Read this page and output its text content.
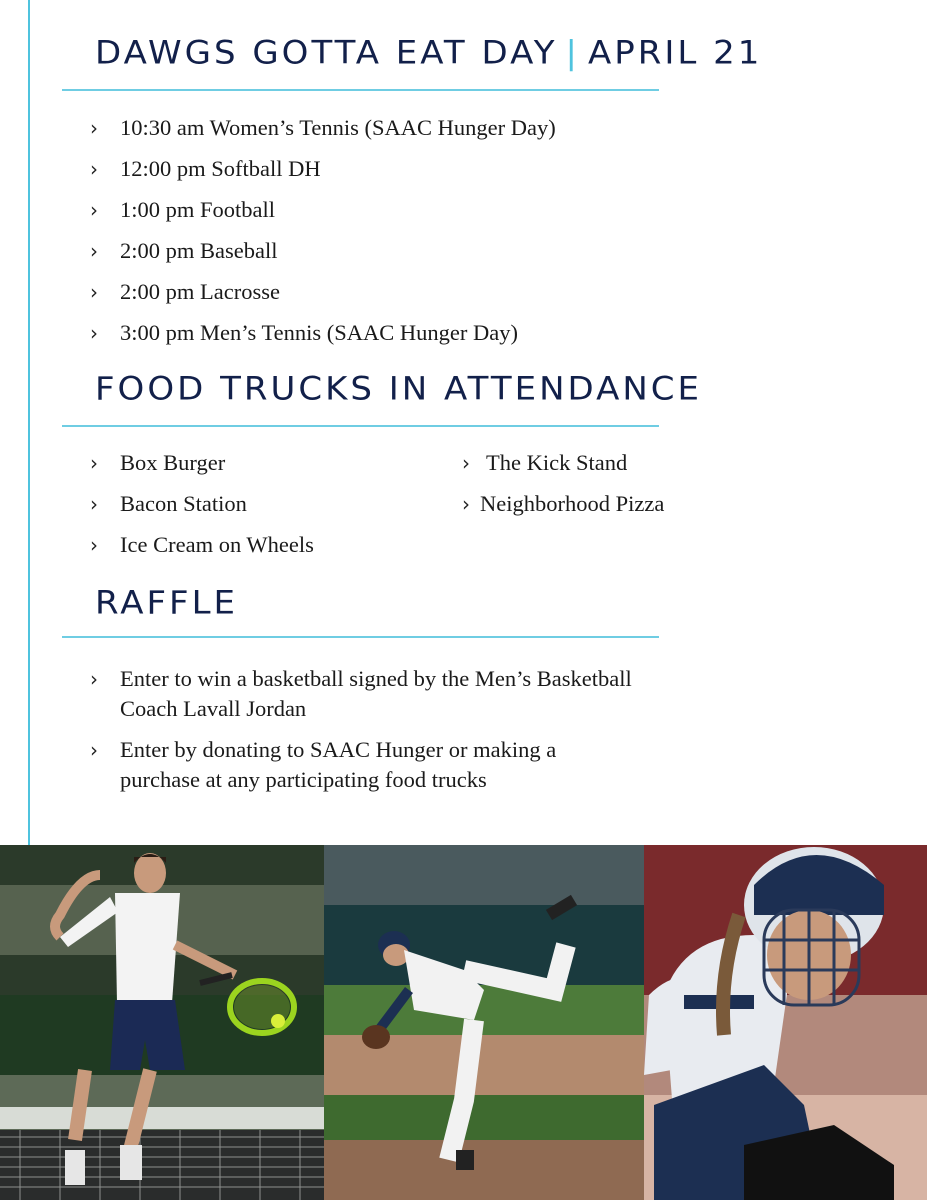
DAWGS GOTTA EAT DAY | APRIL 21
› 10:30 am Women’s Tennis (SAAC Hunger Day)
› 12:00 pm Softball DH
› 1:00 pm Football
› 2:00 pm Baseball
› 2:00 pm Lacrosse
› 3:00 pm Men’s Tennis (SAAC Hunger Day)
FOOD TRUCKS IN ATTENDANCE
› Box Burger
› Bacon Station
› Ice Cream on Wheels
› The Kick Stand
› Neighborhood Pizza
RAFFLE
› Enter to win a basketball signed by the Men’s Basketball Coach Lavall Jordan
› Enter by donating to SAAC Hunger or making a purchase at any participating food trucks
